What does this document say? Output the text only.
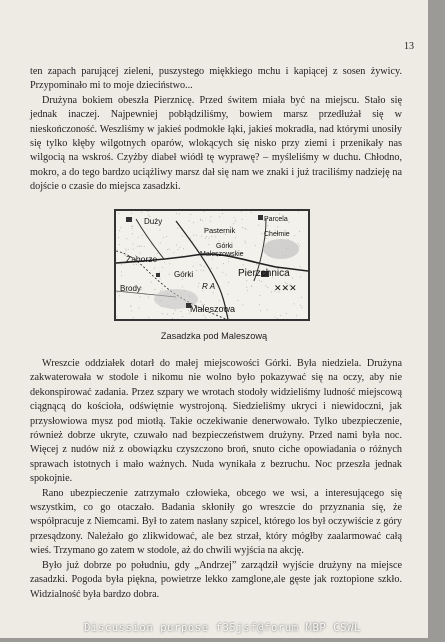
13

ten zapach parującej zieleni, puszystego miękkiego mchu i kapiącej z sosen żywicy. Przypominało mi to moje dzieciństwo...

Drużyna bokiem obeszła Pierznicę. Przed świtem miała być na miejscu. Stało się jednak inaczej. Najpewniej pobłądziliśmy, bowiem marsz przedłużał się w nieskończoność. Weszliśmy w jakieś podmokłe łąki, jakieś mokradła, nad którymi unosiły się tylko kłęby wilgotnych oparów, wlokących się nisko przy ziemi i przenikały nas wilgocią na wskroś. Czyżby diabeł wiódł tę wyprawę? – myśleliśmy w duchu. Chłodno, mokro, a do tego bardzo uciążliwy marsz dał się nam we znaki i już traciliśmy nadzieję na dojście o czasie do miejsca zasadzki.

✕✕✕
Duży	Parcela
Pasternik	Chełmie
Zaborze
Górki
Maleszowskie
Górki	Pierzchnica
Brody
Maleszowa
R A
Zasadzka pod Maleszową

Wreszcie oddziałek dotarł do małej miejscowości Górki. Była niedziela. Drużyna zakwaterowała w stodole i nikomu nie wolno było pokazywać się na oczy, aby nie dekonspirować zadania. Przez szpary we wrotach stodoły widzieliśmy ludność miejscową ciągnącą do kościoła, odświętnie wystrojoną. Siedzieliśmy ukryci i niewidoczni, jak przysłowiowa mysz pod miotłą. Takie oczekiwanie denerwowało. Tylko ubezpieczenie, również dobrze ukryte, czuwało nad bezpieczeństwem drużyny. Przed nami była noc. Więcej z nudów niż z obowiązku czyszczono broń, snuto ciche opowiadania o różnych sprawach istotnych i mało ważnych. Nuda wynikała z bezruchu. Noc przeszła jednak spokojnie.

Rano ubezpieczenie zatrzymało człowieka, obcego we wsi, a interesującego się wszystkim, co go otaczało. Badania skłoniły go wreszcie do przyznania się, że współpracuje z Niemcami. Był to zatem nasłany szpicel, którego los był oczywiście z góry przesądzony. Należało go zlikwidować, ale bez strzał, który mógłby zaalarmować całą wieś. Trzymano go zatem w stodole, aż do chwili wyjścia na akcję.

Było już dobrze po południu, gdy „Andrzej” zarządził wyjście drużyny na miejsce zasadzki. Pogoda była piękna, powietrze lekko zamglone,ale gęste jak roztopione szkło. Widzialność była bardzo dobra.

Discussion purpose f35jsf@forum MBP CSWL
